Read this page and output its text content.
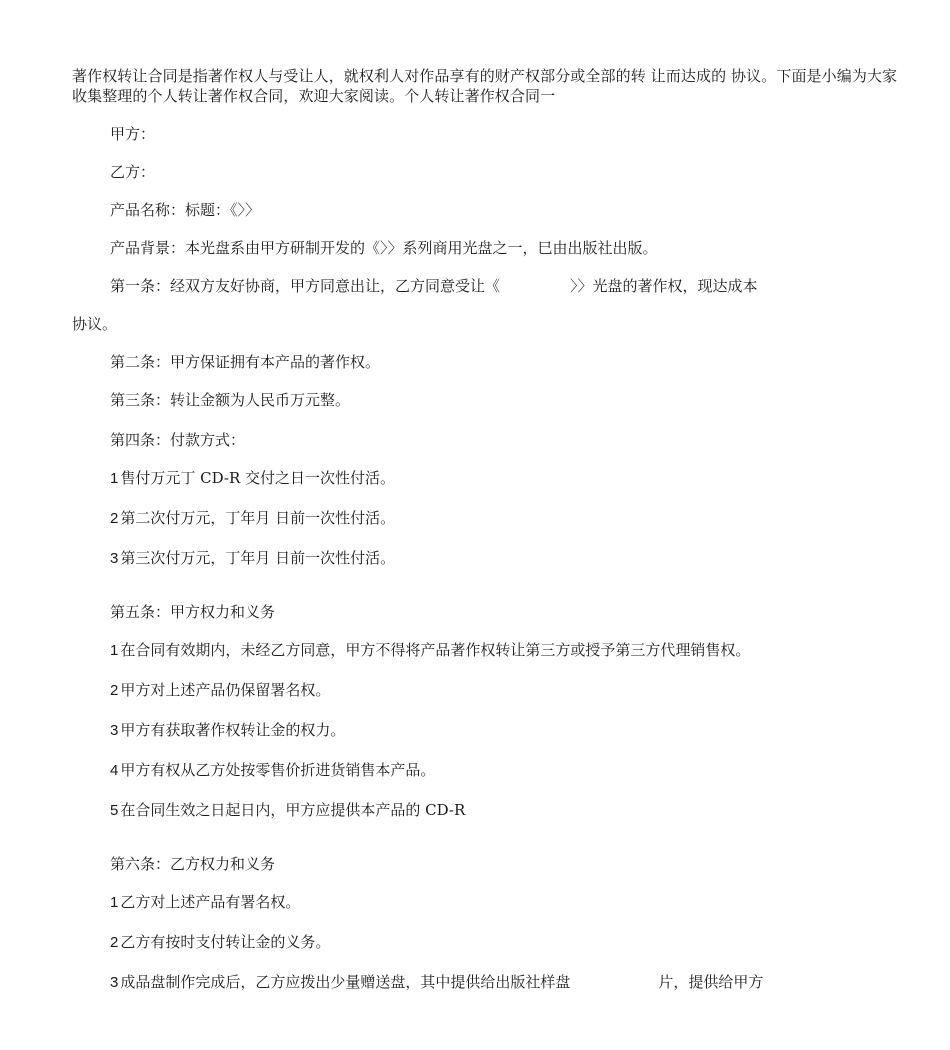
著作权转让合同是指著作权人与受让人，就权利人对作品享有的财产权部分或全部的转 让而达成的 协议。下面是小编为大家收集整理的个人转让著作权合同，欢迎大家阅读。个人转让著作权合同一
甲方：
乙方：
产品名称：标题：《〉〉
产品背景：本光盘系由甲方研制开发的《〉〉系列商用光盘之一，巳由出版社出版。
第一条：经双方友好协商，甲方同意出让，乙方同意受让《	〉〉光盘的著作权，现达成本
协议。
第二条：甲方保证拥有本产品的著作权。
第三条：转让金额为人民币万元整。
第四条：付款方式：
1 售付万元丁 CD-R 交付之日一次性付活。
2 第二次付万元，丁年月 日前一次性付活。
3 第三次付万元，丁年月 日前一次性付活。
第五条：甲方权力和义务
1 在合同有效期内，未经乙方同意，甲方不得将产品著作权转让第三方或授予第三方代理销售权。
2 甲方对上述产品仍保留署名权。
3 甲方有获取著作权转让金的权力。
4 甲方有权从乙方处按零售价折进货销售本产品。
5 在合同生效之日起日内，甲方应提供本产品的 CD-R
第六条：乙方权力和义务
1 乙方对上述产品有署名权。
2 乙方有按时支付转让金的义务。
3 成品盘制作完成后，乙方应拨出少量赠送盘，其中提供给出版社样盘	片，提供给甲方
